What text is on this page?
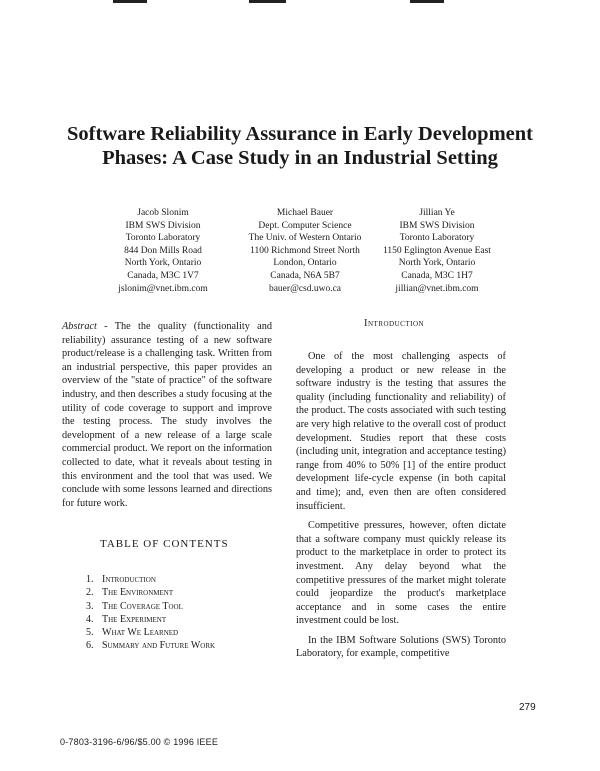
Software Reliability Assurance in Early Development Phases: A Case Study in an Industrial Setting
Jacob Slonim
IBM SWS Division
Toronto Laboratory
844 Don Mills Road
North York, Ontario
Canada, M3C 1V7
jslonim@vnet.ibm.com
Michael Bauer
Dept. Computer Science
The Univ. of Western Ontario
1100 Richmond Street North
London, Ontario
Canada, N6A 5B7
bauer@csd.uwo.ca
Jillian Ye
IBM SWS Division
Toronto Laboratory
1150 Eglington Avenue East
North York, Ontario
Canada, M3C 1H7
jillian@vnet.ibm.com

Abstract - The the quality (functionality and reliability) assurance testing of a new software product/release is a challenging task. Written from an industrial perspective, this paper provides an overview of the "state of practice" of the software industry, and then describes a study focusing at the utility of code coverage to support and improve the testing process. The study involves the development of a new release of a large scale commercial product. We report on the information collected to date, what it reveals about testing in this environment and the tool that was used. We conclude with some lessons learned and directions for future work.

TABLE OF CONTENTS
1. Introduction
2. The Environment
3. The Coverage Tool
4. The Experiment
5. What We Learned
6. Summary and Future Work
Introduction

One of the most challenging aspects of developing a product or new release in the software industry is the testing that assures the quality (including functionality and reliability) of the product. The costs associated with such testing are very high relative to the overall cost of product development. Studies report that these costs (including unit, integration and acceptance testing) range from 40% to 50% [1] of the entire product development life-cycle expense (in both capital and time); and, even then are often considered insufficient.

Competitive pressures, however, often dictate that a software company must quickly release its product to the marketplace in order to protect its investment. Any delay beyond what the competitive pressures of the market might tolerate could jeopardize the product's marketplace acceptance and in some cases the entire investment could be lost.

In the IBM Software Solutions (SWS) Toronto Laboratory, for example, competitive

279
0-7803-3196-6/96/$5.00 © 1996 IEEE
